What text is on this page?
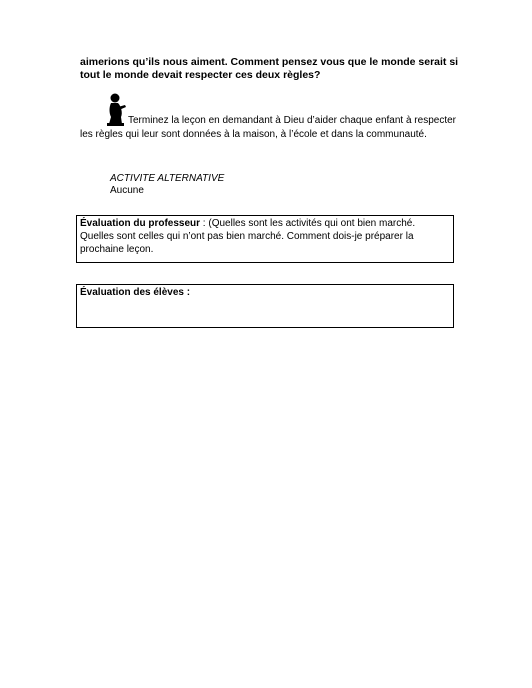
aimerions qu’ils nous aiment. Comment pensez vous que le monde serait si tout le monde devait respecter ces deux règles?
Terminez la leçon en demandant à Dieu d’aider chaque enfant à respecter les règles qui leur sont données à la maison, à l’école et dans la communauté.
ACTIVITE ALTERNATIVE
Aucune
Évaluation du professeur : (Quelles sont les activités qui ont bien marché. Quelles sont celles qui n’ont pas bien marché. Comment dois-je préparer la prochaine leçon.
Évaluation des élèves :
